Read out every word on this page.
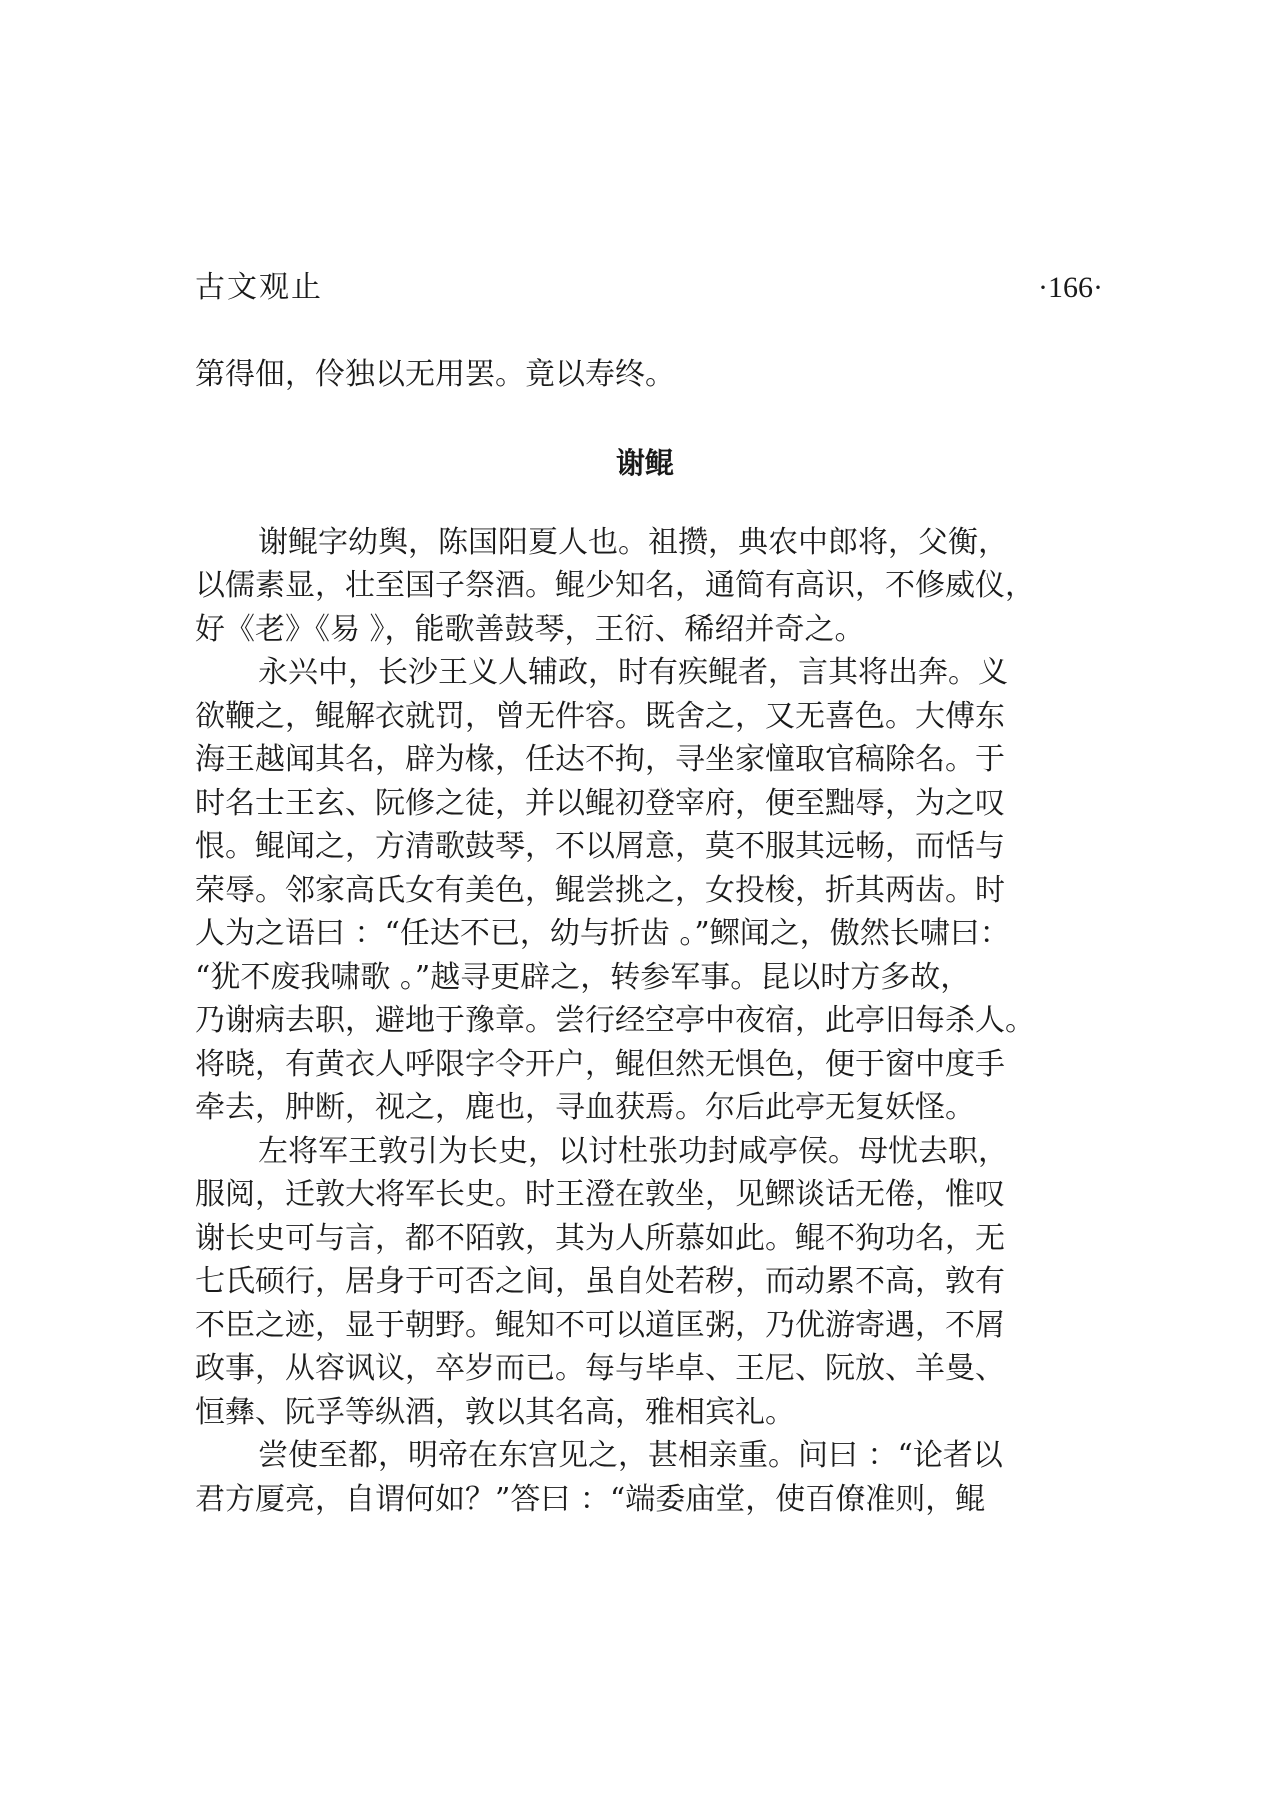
古文观止	·166·
第得佃，伶独以无用罢。竟以寿终。
谢鲲
谢鲲字幼舆，陈国阳夏人也。祖攒，典农中郎将，父衡，
以儒素显，壮至国子祭酒。鲲少知名，通简有高识，不修威仪，
好《老》《易 》，能歌善鼓琴，王衍、稀绍并奇之。
永兴中，长沙王义人辅政，时有疾鲲者，言其将出奔。义
欲鞭之，鲲解衣就罚，曾无件容。既舍之，又无喜色。大傅东
海王越闻其名，辟为椽，任达不拘，寻坐家憧取官稿除名。于
时名士王玄、阮修之徒，并以鲲初登宰府，便至黜辱，为之叹
恨。鲲闻之，方清歌鼓琴，不以屑意，莫不服其远畅，而恬与
荣辱。邻家高氏女有美色，鲲尝挑之，女投梭，折其两齿。时
人为之语曰 ：“任达不已，幼与折齿 。”鳏闻之，傲然长啸曰：
“犹不废我啸歌 。”越寻更辟之，转参军事。昆以时方多故，
乃谢病去职，避地于豫章。尝行经空亭中夜宿，此亭旧每杀人。
将晓，有黄衣人呼限字令开户，鲲但然无惧色，便于窗中度手
牵去，肿断，视之，鹿也，寻血获焉。尔后此亭无复妖怪。
左将军王敦引为长史，以讨杜张功封咸亭侯。母忧去职，
服阅，迁敦大将军长史。时王澄在敦坐，见鳏谈话无倦，惟叹
谢长史可与言，都不陌敦，其为人所慕如此。鲲不狗功名，无
七氏硕行，居身于可否之间，虽自处若秽，而动累不高，敦有
不臣之迹，显于朝野。鲲知不可以道匡粥，乃优游寄遇，不屑
政事，从容讽议，卒岁而已。每与毕卓、王尼、阮放、羊曼、
恒彝、阮孚等纵酒，敦以其名高，雅相宾礼。
尝使至都，明帝在东宫见之，甚相亲重。问曰 ：“论者以
君方厦亮，自谓何如？”答曰 ：“端委庙堂，使百僚准则，鲲
